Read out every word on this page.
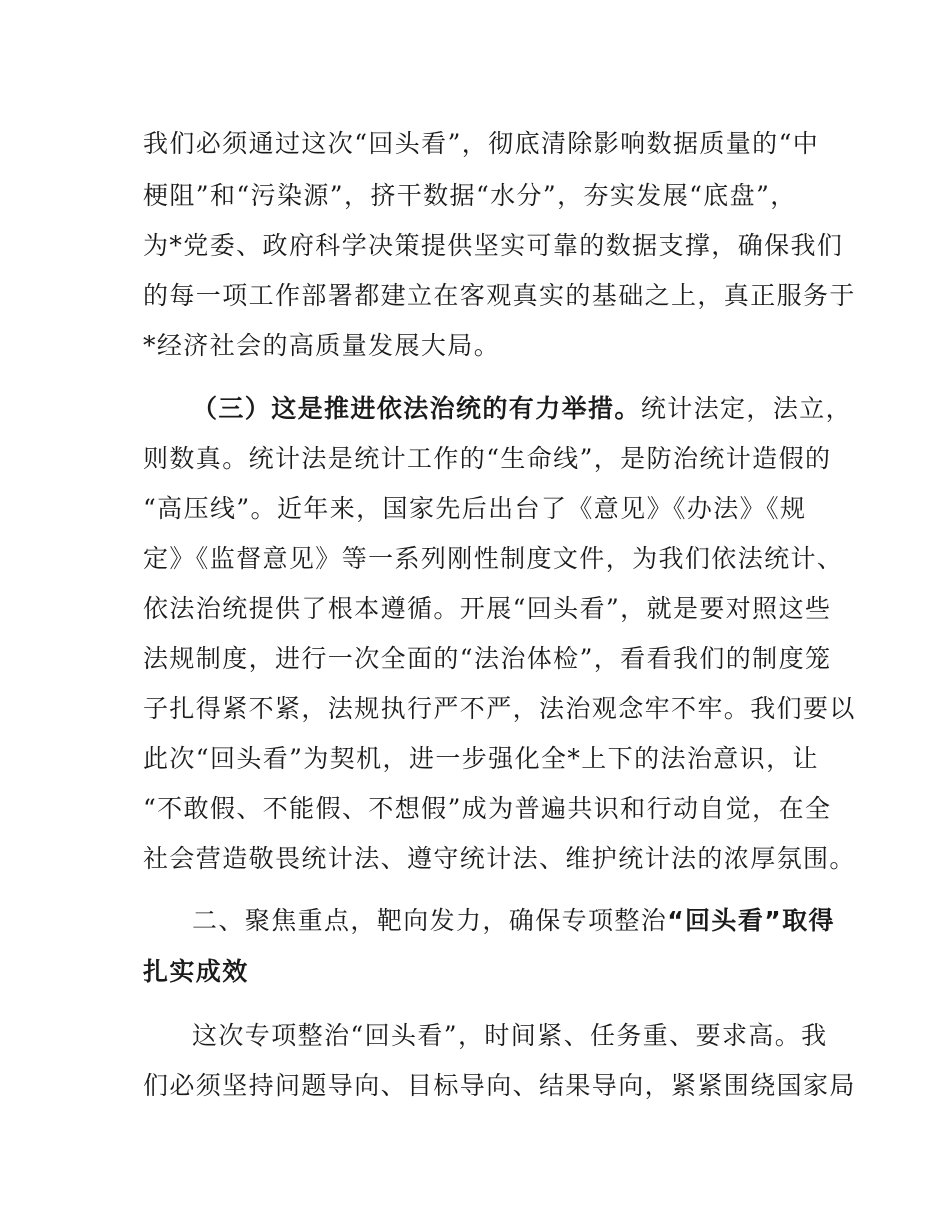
我们必须通过这次“回头看”，彻底清除影响数据质量的“中
梗阻”和“污染源”，挤干数据“水分”，夯实发展“底盘”，
为*党委、政府科学决策提供坚实可靠的数据支撑，确保我们
的每一项工作部署都建立在客观真实的基础之上，真正服务于
*经济社会的高质量发展大局。
（三）这是推进依法治统的有力举措。统计法定，法立，
则数真。统计法是统计工作的“生命线”，是防治统计造假的
“高压线”。近年来，国家先后出台了《意见》《办法》《规
定》《监督意见》等一系列刚性制度文件，为我们依法统计、
依法治统提供了根本遵循。开展“回头看”，就是要对照这些
法规制度，进行一次全面的“法治体检”，看看我们的制度笼
子扎得紧不紧，法规执行严不严，法治观念牢不牢。我们要以
此次“回头看”为契机，进一步强化全*上下的法治意识，让
“不敢假、不能假、不想假”成为普遍共识和行动自觉，在全
社会营造敬畏统计法、遵守统计法、维护统计法的浓厚氛围。
二、聚焦重点，靶向发力，确保专项整治“回头看”取得
扎实成效
这次专项整治“回头看”，时间紧、任务重、要求高。我
们必须坚持问题导向、目标导向、结果导向，紧紧围绕国家局
